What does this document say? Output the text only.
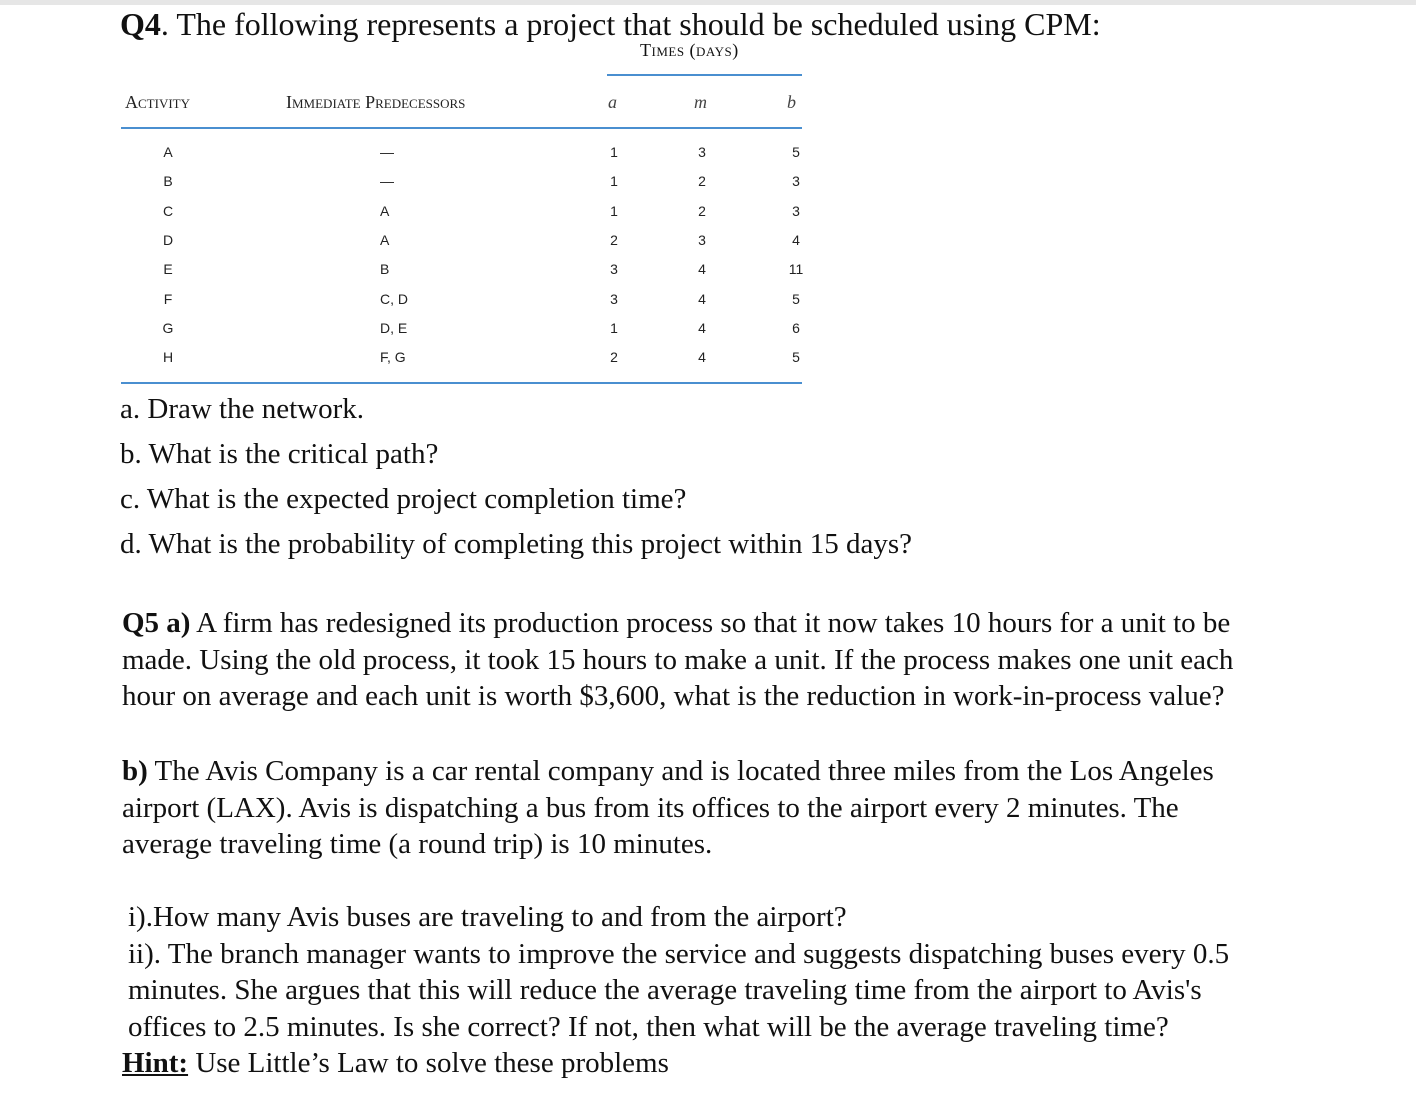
Q4. The following represents a project that should be scheduled using CPM:
Times (days)
Activity	Immediate Predecessors	a	m	b
A	—	1	3	5
B	—	1	2	3
C	A	1	2	3
D	A	2	3	4
E	B	3	4	11
F	C, D	3	4	5
G	D, E	1	4	6
H	F, G	2	4	5
a. Draw the network.
b. What is the critical path?
c. What is the expected project completion time?
d. What is the probability of completing this project within 15 days?
Q5 a) A firm has redesigned its production process so that it now takes 10 hours for a unit to be
made. Using the old process, it took 15 hours to make a unit. If the process makes one unit each
hour on average and each unit is worth $3,600, what is the reduction in work-in-process value?
b) The Avis Company is a car rental company and is located three miles from the Los Angeles
airport (LAX). Avis is dispatching a bus from its offices to the airport every 2 minutes. The
average traveling time (a round trip) is 10 minutes.
i).How many Avis buses are traveling to and from the airport?
ii). The branch manager wants to improve the service and suggests dispatching buses every 0.5
minutes. She argues that this will reduce the average traveling time from the airport to Avis's
offices to 2.5 minutes. Is she correct? If not, then what will be the average traveling time?
Hint: Use Little’s Law to solve these problems
